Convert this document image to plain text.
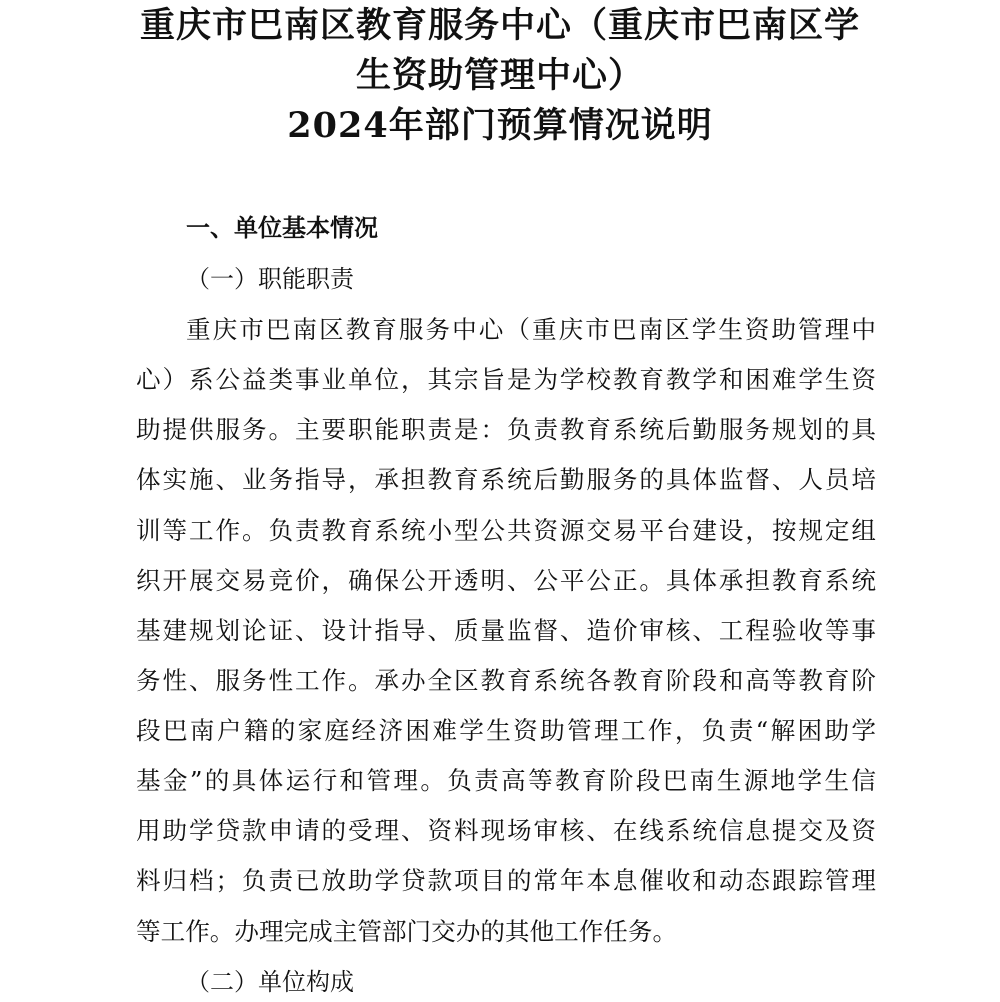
重庆市巴南区教育服务中心（重庆市巴南区学
生资助管理中心）
2024年部门预算情况说明
一、单位基本情况
（一）职能职责
重庆市巴南区教育服务中心（重庆市巴南区学生资助管理中
心）系公益类事业单位，其宗旨是为学校教育教学和困难学生资
助提供服务。主要职能职责是：负责教育系统后勤服务规划的具
体实施、业务指导，承担教育系统后勤服务的具体监督、人员培
训等工作。负责教育系统小型公共资源交易平台建设，按规定组
织开展交易竞价，确保公开透明、公平公正。具体承担教育系统
基建规划论证、设计指导、质量监督、造价审核、工程验收等事
务性、服务性工作。承办全区教育系统各教育阶段和高等教育阶
段巴南户籍的家庭经济困难学生资助管理工作，负责“解困助学
基金”的具体运行和管理。负责高等教育阶段巴南生源地学生信
用助学贷款申请的受理、资料现场审核、在线系统信息提交及资
料归档；负责已放助学贷款项目的常年本息催收和动态跟踪管理
等工作。办理完成主管部门交办的其他工作任务。
（二）单位构成
